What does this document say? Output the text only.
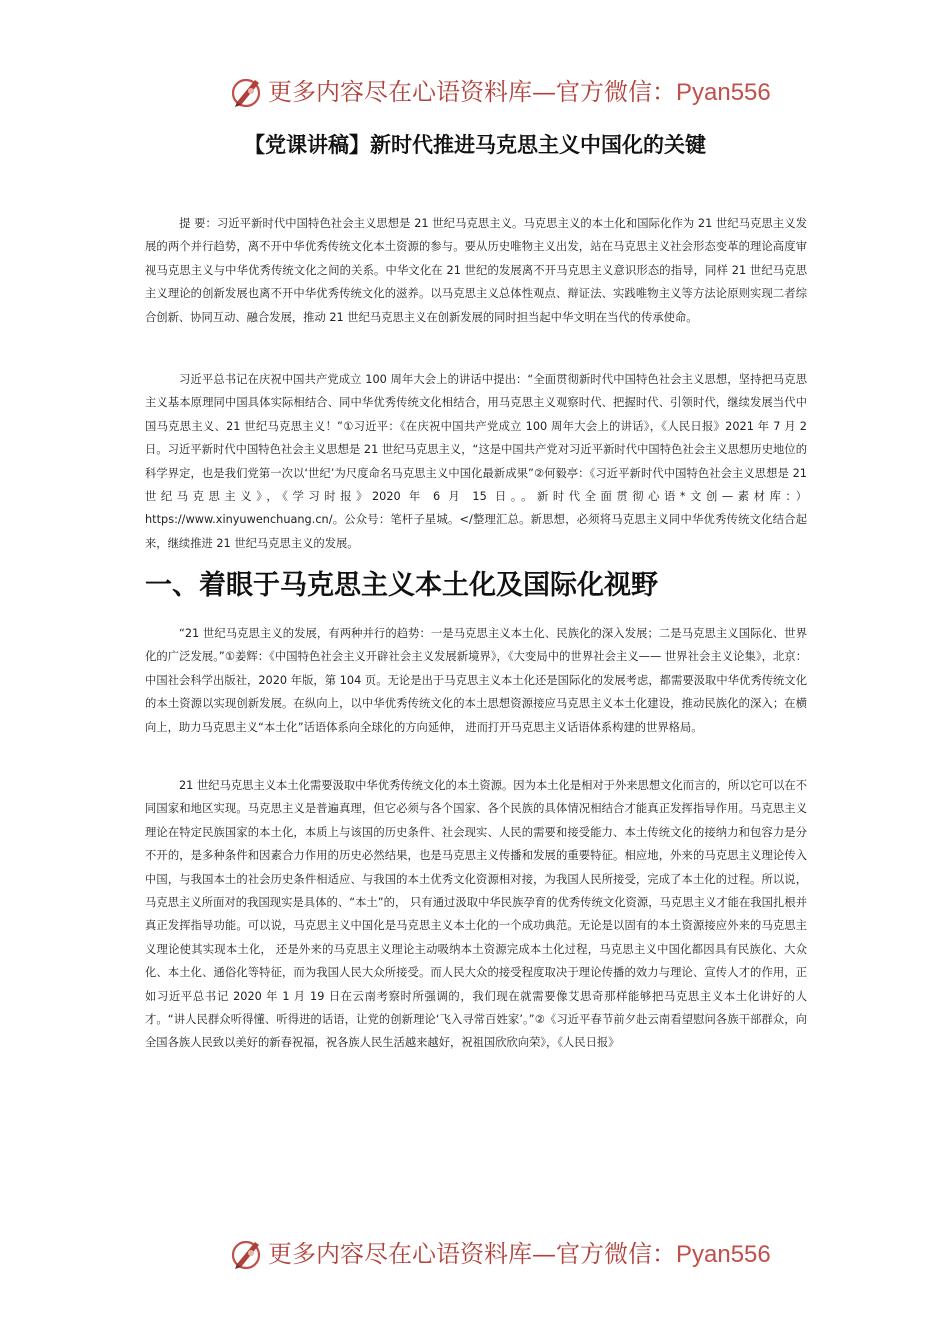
更多内容尽在心语资料库—官方微信：Pyan556
【党课讲稿】新时代推进马克思主义中国化的关键

提 要：习近平新时代中国特色社会主义思想是 21 世纪马克思主义。马克思主义的本土化和国际化作为 21 世纪马克思主义发展的两个并行趋势，离不开中华优秀传统文化本土资源的参与。要从历史唯物主义出发，站在马克思主义社会形态变革的理论高度审视马克思主义与中华优秀传统文化之间的关系。中华文化在 21 世纪的发展离不开马克思主义意识形态的指导，同样 21 世纪马克思主义理论的创新发展也离不开中华优秀传统文化的滋养。以马克思主义总体性观点、辩证法、实践唯物主义等方法论原则实现二者综合创新、协同互动、融合发展，推动 21 世纪马克思主义在创新发展的同时担当起中华文明在当代的传承使命。

习近平总书记在庆祝中国共产党成立 100 周年大会上的讲话中提出：“全面贯彻新时代中国特色社会主义思想，坚持把马克思主义基本原理同中国具体实际相结合、同中华优秀传统文化相结合，用马克思主义观察时代、把握时代、引领时代，继续发展当代中国马克思主义、21 世纪马克思主义！”①习近平：《在庆祝中国共产党成立 100 周年大会上的讲话》，《人民日报》2021 年 7 月 2 日。习近平新时代中国特色社会主义思想是 21 世纪马克思主义，“这是中国共产党对习近平新时代中国特色社会主义思想历史地位的科学界定，也是我们党第一次以‘世纪’为尺度命名马克思主义中国化最新成果”②何毅亭：《习近平新时代中国特色社会主义思想是 21 世纪马克思主义》，《学习时报》2020 年 6 月 15 日。。新时代全面贯彻心语*文创—素材库：）https://www.xinyuwenchuang.cn/。公众号：笔杆子星城。</整理汇总。新思想，必须将马克思主义同中华优秀传统文化结合起来，继续推进 21 世纪马克思主义的发展。

一、着眼于马克思主义本土化及国际化视野

“21 世纪马克思主义的发展，有两种并行的趋势：一是马克思主义本土化、民族化的深入发展；二是马克思主义国际化、世界化的广泛发展。”①姜辉：《中国特色社会主义开辟社会主义发展新境界》，《大变局中的世界社会主义—— 世界社会主义论集》，北京：中国社会科学出版社，2020 年版，第 104 页。无论是出于马克思主义本土化还是国际化的发展考虑，都需要汲取中华优秀传统文化的本土资源以实现创新发展。在纵向上，以中华优秀传统文化的本土思想资源接应马克思主义本土化建设，推动民族化的深入；在横向上，助力马克思主义“本土化”话语体系向全球化的方向延伸， 进而打开马克思主义话语体系构建的世界格局。

21 世纪马克思主义本土化需要汲取中华优秀传统文化的本土资源。因为本土化是相对于外来思想文化而言的，所以它可以在不同国家和地区实现。马克思主义是普遍真理，但它必须与各个国家、各个民族的具体情况相结合才能真正发挥指导作用。马克思主义理论在特定民族国家的本土化，本质上与该国的历史条件、社会现实、人民的需要和接受能力、本土传统文化的接纳力和包容力是分不开的，是多种条件和因素合力作用的历史必然结果，也是马克思主义传播和发展的重要特征。相应地，外来的马克思主义理论传入中国，与我国本土的社会历史条件相适应、与我国的本土优秀文化资源相对接，为我国人民所接受，完成了本土化的过程。所以说，马克思主义所面对的我国现实是具体的、“本土”的， 只有通过汲取中华民族孕育的优秀传统文化资源，马克思主义才能在我国扎根并真正发挥指导功能。可以说，马克思主义中国化是马克思主义本土化的一个成功典范。无论是以固有的本土资源接应外来的马克思主义理论使其实现本土化， 还是外来的马克思主义理论主动吸纳本土资源完成本土化过程，马克思主义中国化都因具有民族化、大众化、本土化、通俗化等特征，而为我国人民大众所接受。而人民大众的接受程度取决于理论传播的效力与理论、宣传人才的作用，正如习近平总书记 2020 年 1 月 19 日在云南考察时所强调的，我们现在就需要像艾思奇那样能够把马克思主义本土化讲好的人才。“讲人民群众听得懂、听得进的话语，让党的创新理论‘飞入寻常百姓家’。”②《习近平春节前夕赴云南看望慰问各族干部群众，向全国各族人民致以美好的新春祝福，祝各族人民生活越来越好，祝祖国欣欣向荣》，《人民日报》

更多内容尽在心语资料库—官方微信：Pyan556
